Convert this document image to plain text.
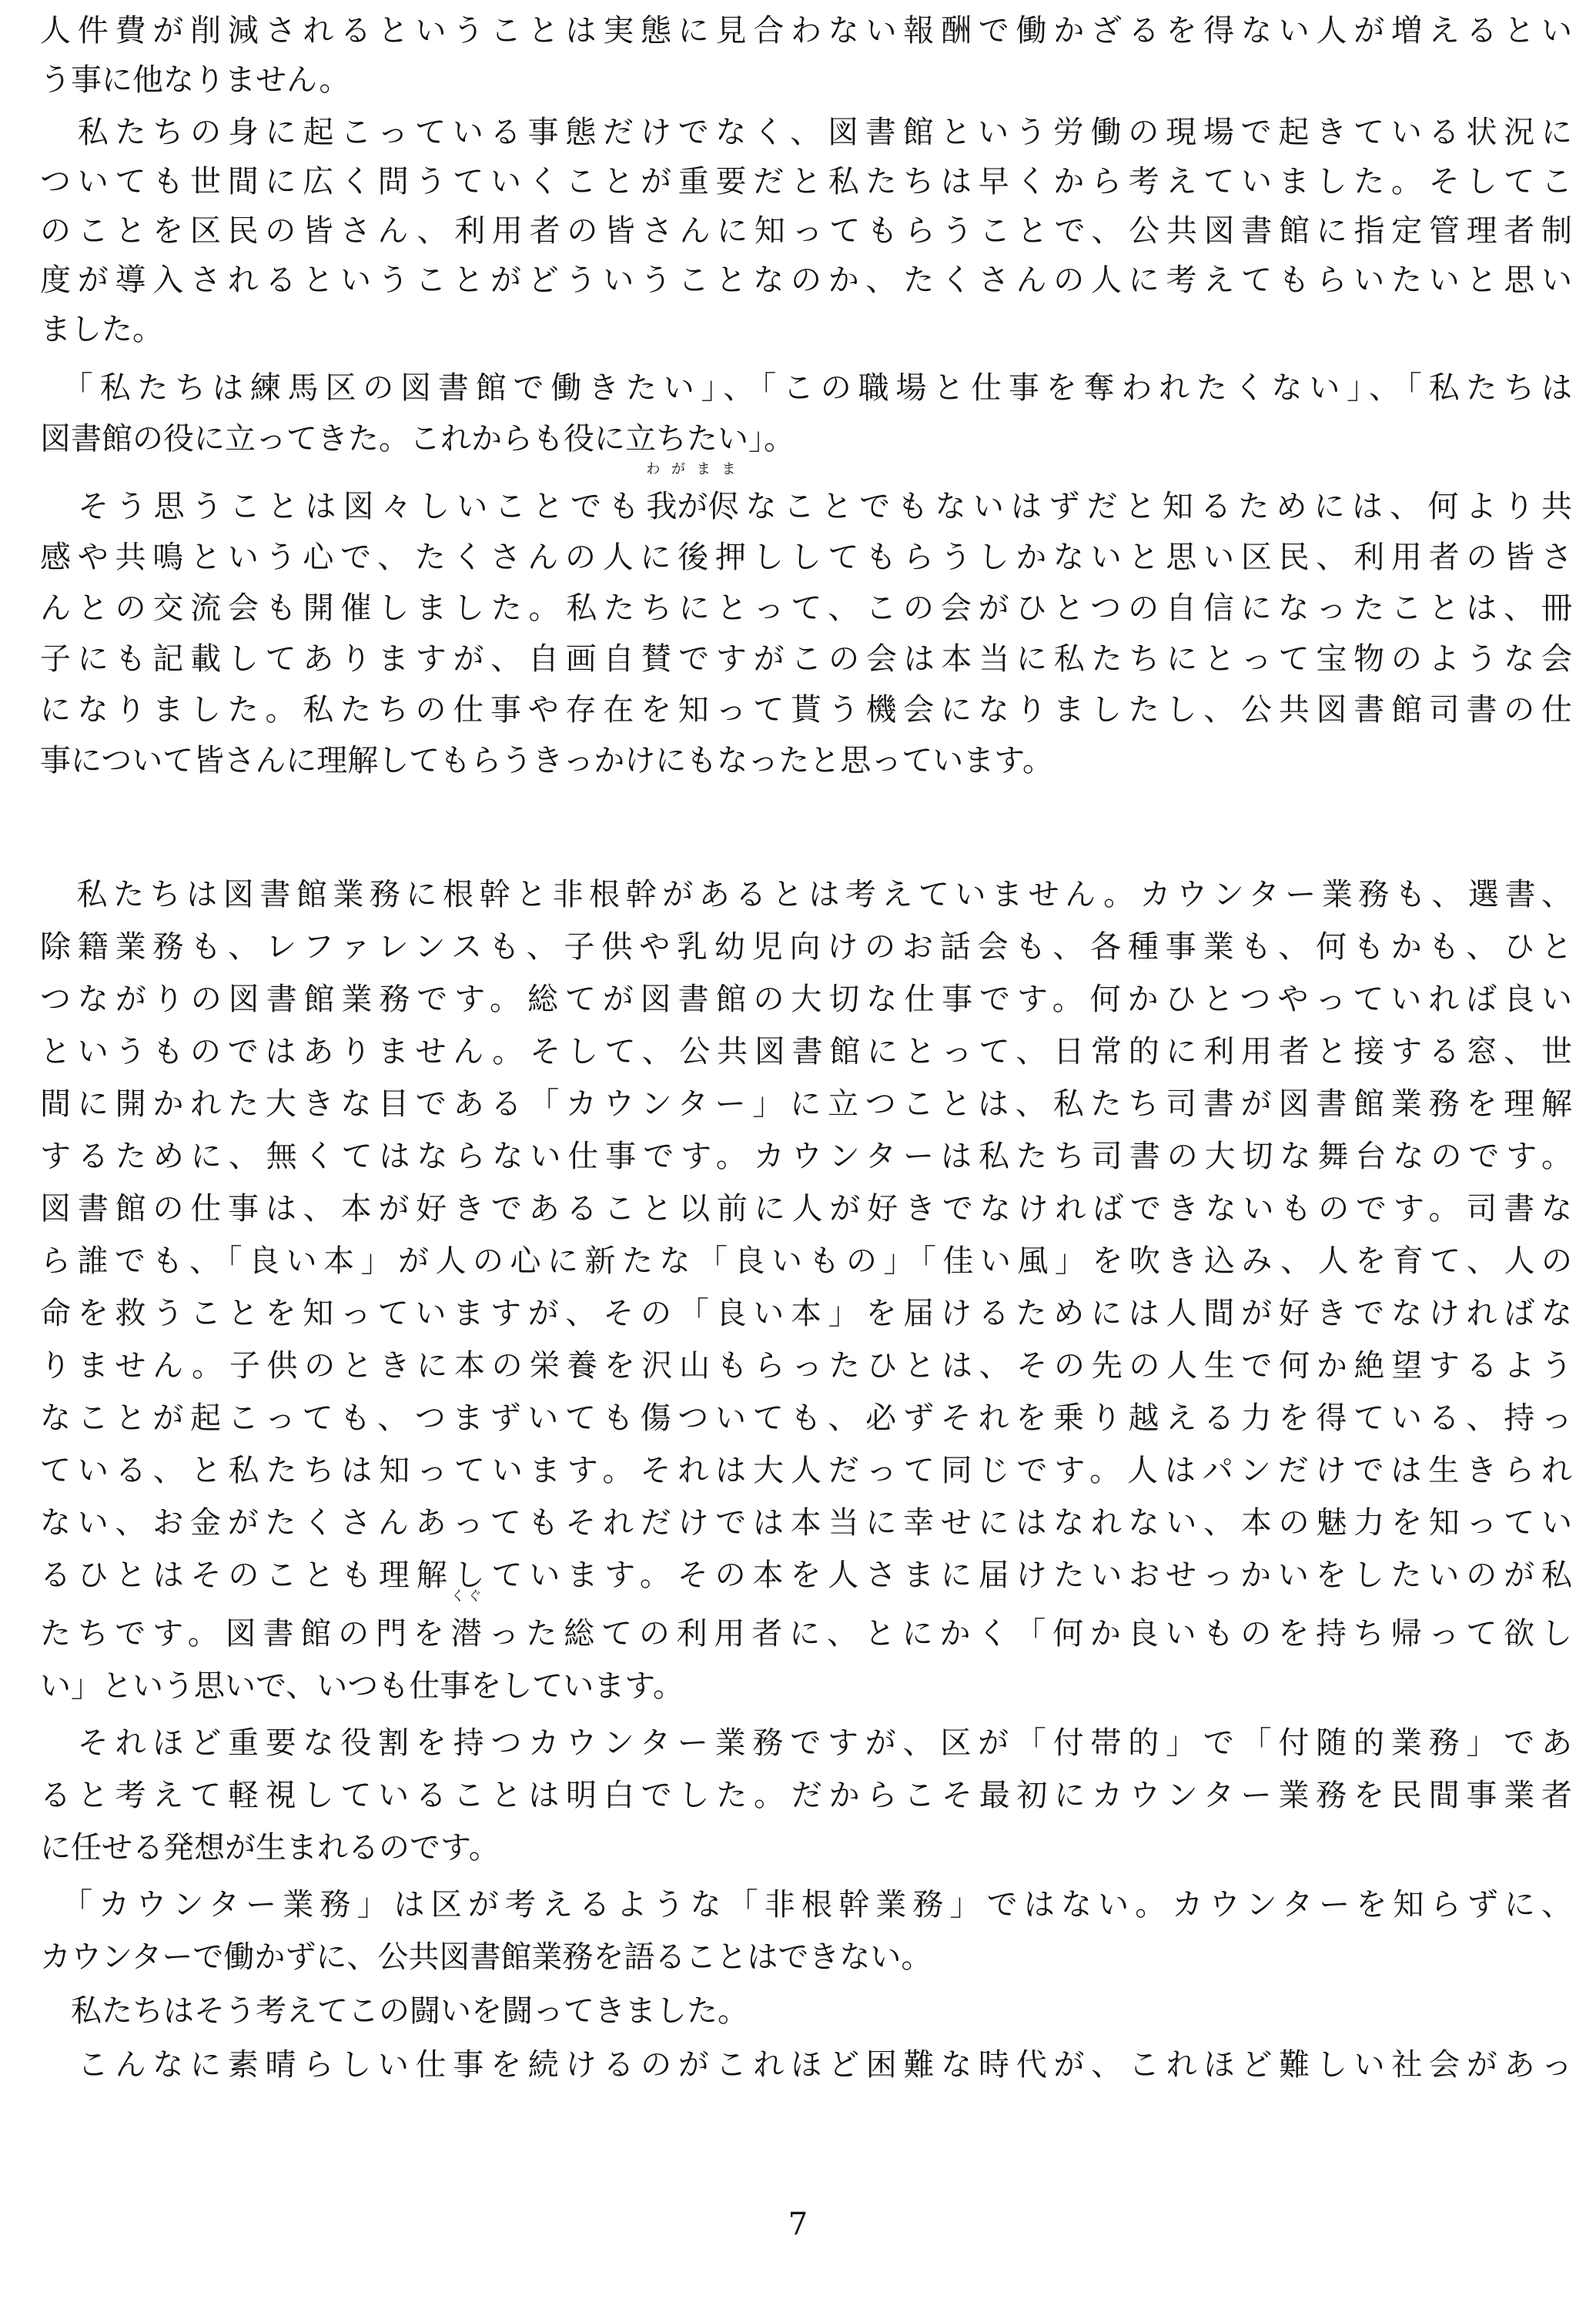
人件費が削減されるということは実態に見合わない報酬で働かざるを得ない人が増えるとい
う事に他なりません。
　私たちの身に起こっている事態だけでなく、図書館という労働の現場で起きている状況に
ついても世間に広く問うていくことが重要だと私たちは早くから考えていました。そしてこ
のことを区民の皆さん、利用者の皆さんに知ってもらうことで、公共図書館に指定管理者制
度が導入されるということがどういうことなのか、たくさんの人に考えてもらいたいと思い
ました。
　「私たちは練馬区の図書館で働きたい」、「この職場と仕事を奪われたくない」、「私たちは
図書館の役に立ってきた。これからも役に立ちたい」。
　そう思うことは図々しいことでも
わがまま
我が侭なことでもないはずだと知るためには、何より共
感や共鳴という心で、たくさんの人に後押ししてもらうしかないと思い区民、利用者の皆さ
んとの交流会も開催しました。私たちにとって、この会がひとつの自信になったことは、冊
子にも記載してありますが、自画自賛ですがこの会は本当に私たちにとって宝物のような会
になりました。私たちの仕事や存在を知って貰う機会になりましたし、公共図書館司書の仕
事について皆さんに理解してもらうきっかけにもなったと思っています。
　私たちは図書館業務に根幹と非根幹があるとは考えていません。カウンター業務も、選書、
除籍業務も、レファレンスも、子供や乳幼児向けのお話会も、各種事業も、何もかも、ひと
つながりの図書館業務です。総てが図書館の大切な仕事です。何かひとつやっていれば良い
というものではありません。そして、公共図書館にとって、日常的に利用者と接する窓、世
間に開かれた大きな目である「カウンター」に立つことは、私たち司書が図書館業務を理解
するために、無くてはならない仕事です。カウンターは私たち司書の大切な舞台なのです。
図書館の仕事は、本が好きであること以前に人が好きでなければできないものです。司書な
ら誰でも、「良い本」が人の心に新たな「良いもの」「佳い風」を吹き込み、人を育て、人の
命を救うことを知っていますが、その「良い本」を届けるためには人間が好きでなければな
りません。子供のときに本の栄養を沢山もらったひとは、その先の人生で何か絶望するよう
なことが起こっても、つまずいても傷ついても、必ずそれを乗り越える力を得ている、持っ
ている、と私たちは知っています。それは大人だって同じです。人はパンだけでは生きられ
ない、お金がたくさんあってもそれだけでは本当に幸せにはなれない、本の魅力を知ってい
るひとはそのことも理解しています。その本を人さまに届けたいおせっかいをしたいのが私
たちです。図書館の門を
くぐ
潜った総ての利用者に、とにかく「何か良いものを持ち帰って欲し
い」という思いで、いつも仕事をしています。
　それほど重要な役割を持つカウンター業務ですが、区が「付帯的」で「付随的業務」であ
ると考えて軽視していることは明白でした。だからこそ最初にカウンター業務を民間事業者
に任せる発想が生まれるのです。
　「カウンター業務」は区が考えるような「非根幹業務」ではない。カウンターを知らずに、
カウンターで働かずに、公共図書館業務を語ることはできない。
　私たちはそう考えてこの闘いを闘ってきました。
　こんなに素晴らしい仕事を続けるのがこれほど困難な時代が、これほど難しい社会があっ
7
